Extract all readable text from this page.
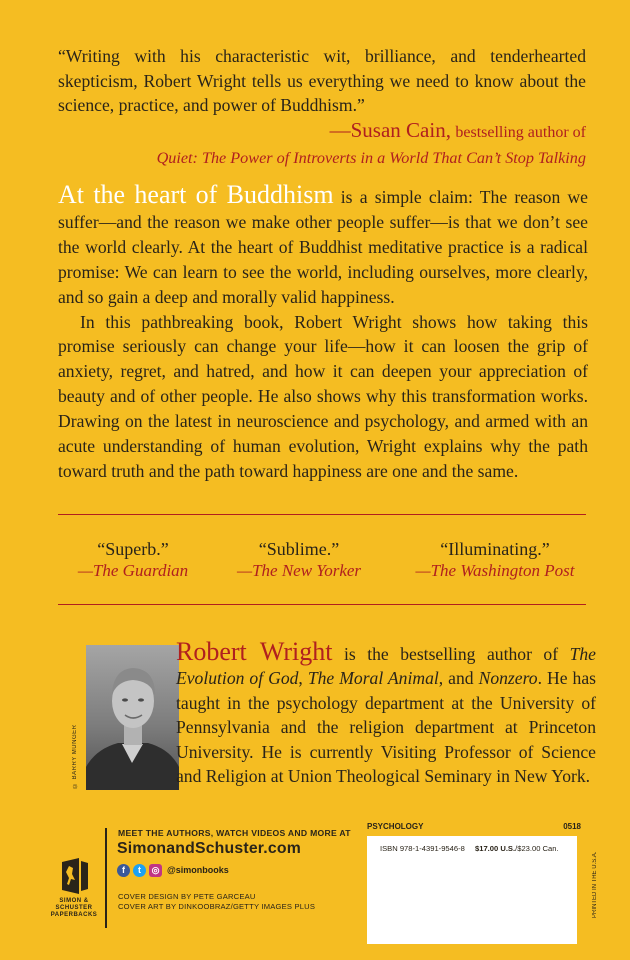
“Writing with his characteristic wit, brilliance, and tenderhearted skepticism, Robert Wright tells us everything we need to know about the science, practice, and power of Buddhism.”
—Susan Cain, bestselling author of
Quiet: The Power of Introverts in a World That Can’t Stop Talking

At the heart of Buddhism is a simple claim: The reason we suffer—and the reason we make other people suffer—is that we don’t see the world clearly. At the heart of Buddhist meditative practice is a radical promise: We can learn to see the world, including ourselves, more clearly, and so gain a deep and morally valid happiness.

In this pathbreaking book, Robert Wright shows how taking this promise seriously can change your life—how it can loosen the grip of anxiety, regret, and hatred, and how it can deepen your appreciation of beauty and of other people. He also shows why this transformation works. Drawing on the latest in neuroscience and psychology, and armed with an acute understanding of human evolution, Wright explains why the path toward truth and the path toward happiness are one and the same.

“Superb.”
—The Guardian
“Sublime.”
—The New Yorker
“Illuminating.”
—The Washington Post
© BARRY MUNGER
Robert Wright is the bestselling author of The Evolution of God, The Moral Animal, and Nonzero. He has taught in the psychology department at the University of Pennsylvania and the religion department at Princeton University. He is currently Visiting Professor of Science and Religion at Union Theological Seminary in New York.
SIMON &
SCHUSTER
PAPERBACKS
MEET THE AUTHORS, WATCH VIDEOS AND MORE AT
SimonandSchuster.com
f	t	◎ @simonbooks
COVER DESIGN BY PETE GARCEAU
COVER ART BY DINKOOBRAZ/GETTY IMAGES PLUS
PSYCHOLOGY	0518
ISBN 978-1-4391-9546-8 $17.00 U.S./$23.00 Can.
PRINTED IN THE U.S.A.
